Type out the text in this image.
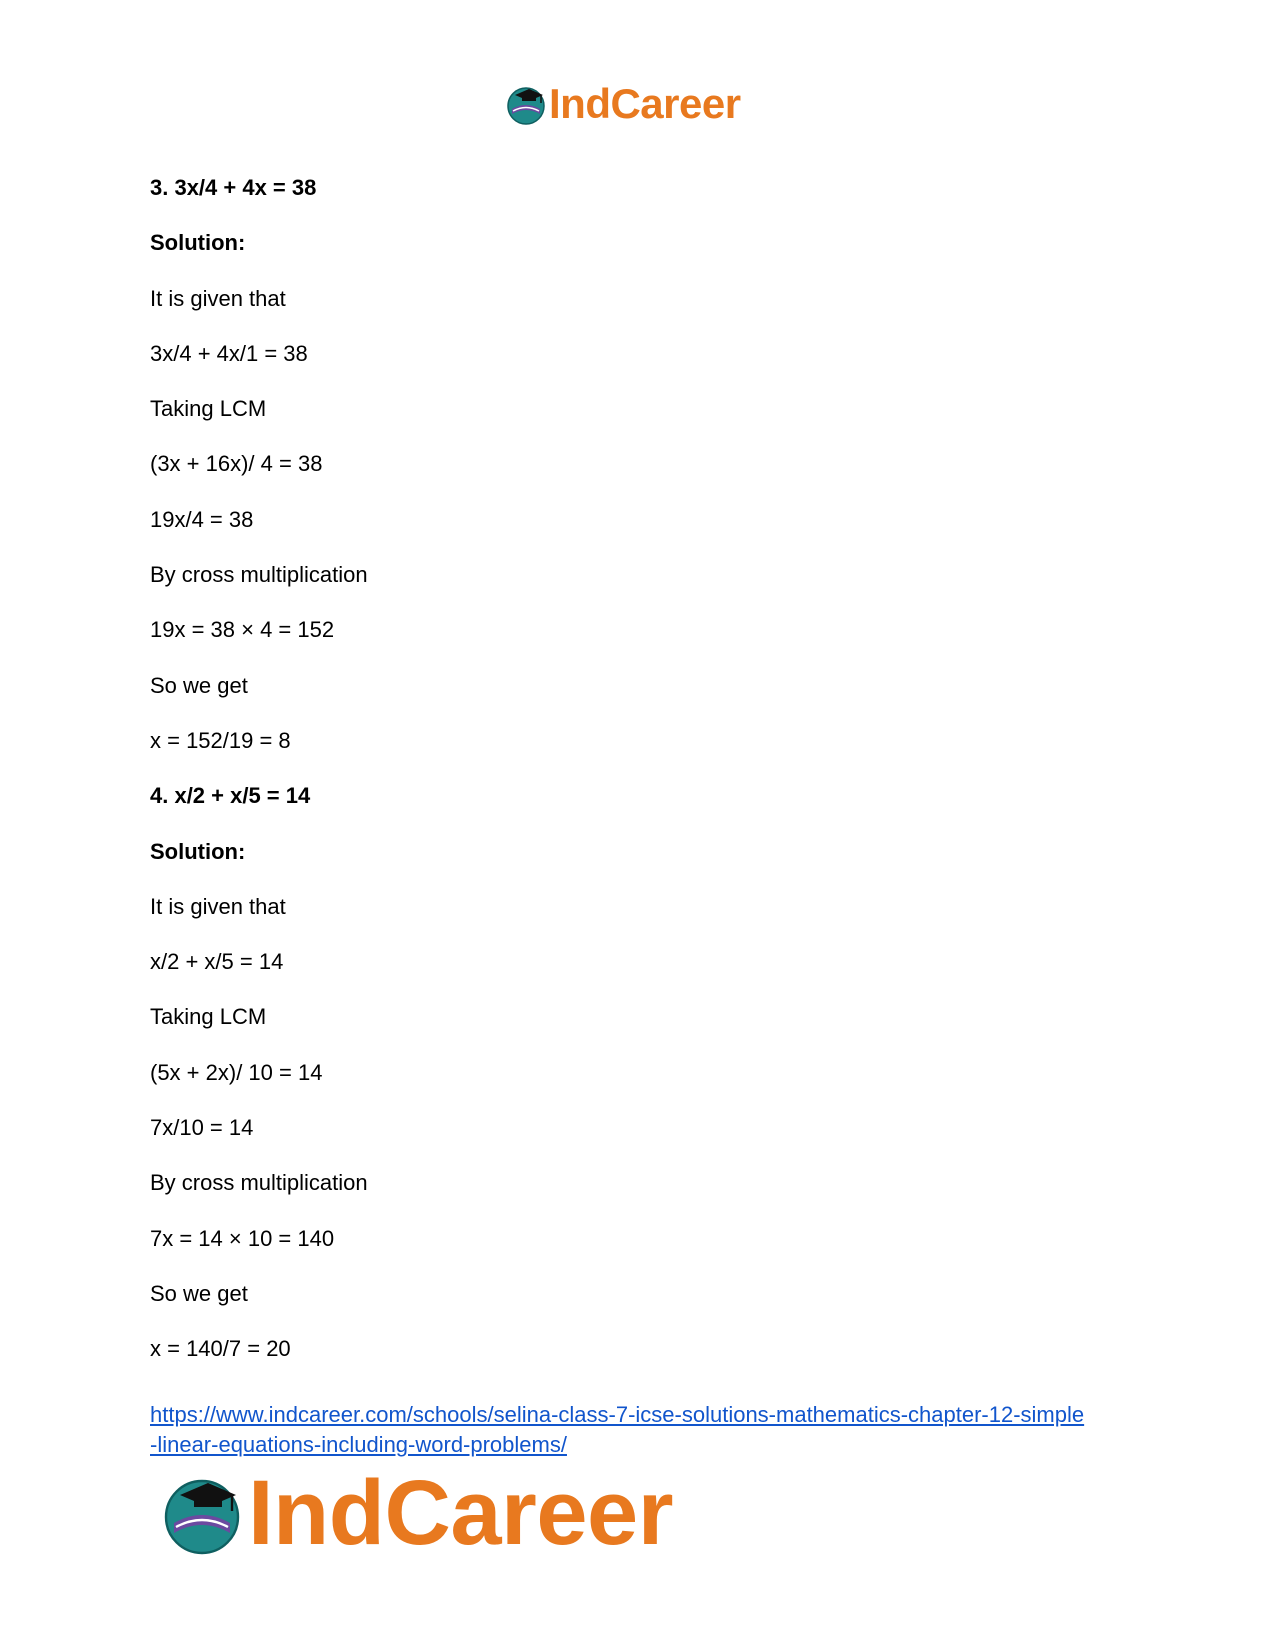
IndCareer
3. 3x/4 + 4x = 38
Solution:
It is given that
3x/4 + 4x/1 = 38
Taking LCM
(3x + 16x)/ 4 = 38
19x/4 = 38
By cross multiplication
19x = 38 × 4 = 152
So we get
x = 152/19 = 8
4. x/2 + x/5 = 14
Solution:
It is given that
x/2 + x/5 = 14
Taking LCM
(5x + 2x)/ 10 = 14
7x/10 = 14
By cross multiplication
7x = 14 × 10 = 140
So we get
x = 140/7 = 20
https://www.indcareer.com/schools/selina-class-7-icse-solutions-mathematics-chapter-12-simple
-linear-equations-including-word-problems/
IndCareer
